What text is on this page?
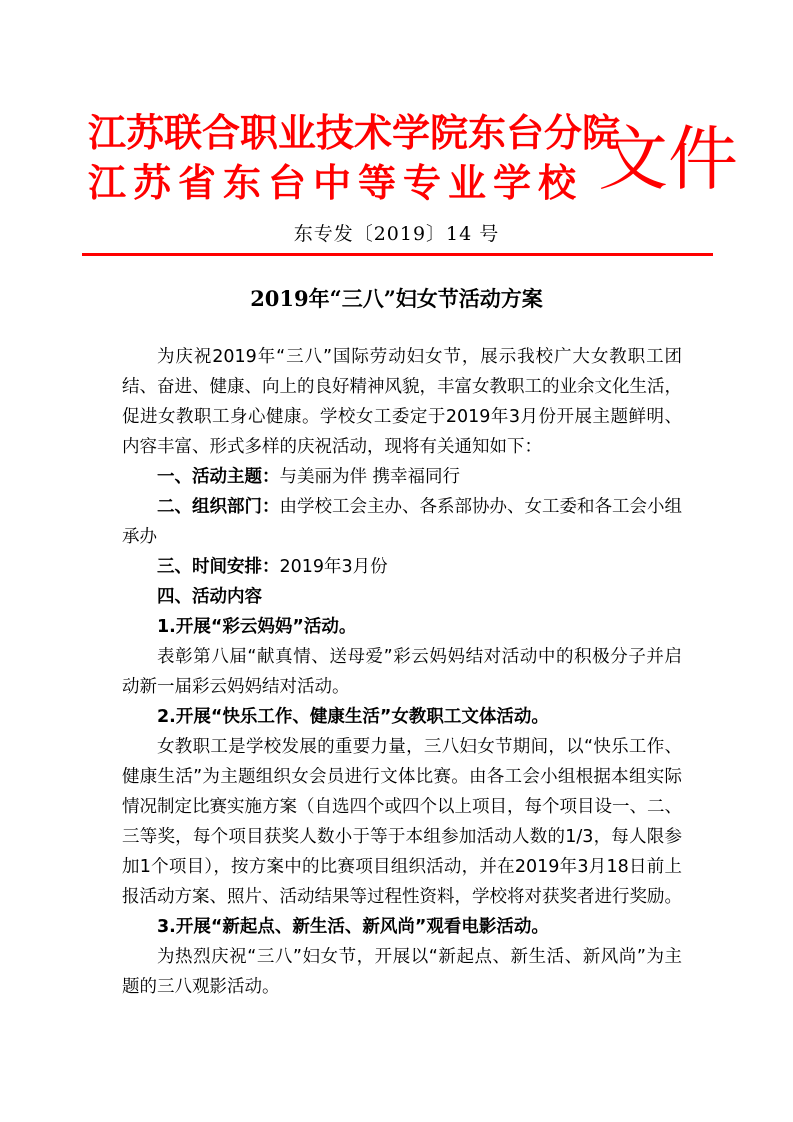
江苏联合职业技术学院东台分院
江苏省东台中等专业学校 文件
东专发〔2019〕14 号
2019年“三八”妇女节活动方案

为庆祝2019年“三八”国际劳动妇女节，展示我校广大女教职工团结、奋进、健康、向上的良好精神风貌，丰富女教职工的业余文化生活，促进女教职工身心健康。学校女工委定于2019年3月份开展主题鲜明、内容丰富、形式多样的庆祝活动，现将有关通知如下：

一、活动主题：与美丽为伴 携幸福同行

二、组织部门：由学校工会主办、各系部协办、女工委和各工会小组承办

三、时间安排：2019年3月份

四、活动内容

1.开展“彩云妈妈”活动。

表彰第八届“献真情、送母爱”彩云妈妈结对活动中的积极分子并启动新一届彩云妈妈结对活动。

2.开展“快乐工作、健康生活”女教职工文体活动。

女教职工是学校发展的重要力量，三八妇女节期间，以“快乐工作、健康生活”为主题组织女会员进行文体比赛。由各工会小组根据本组实际情况制定比赛实施方案（自选四个或四个以上项目，每个项目设一、二、三等奖，每个项目获奖人数小于等于本组参加活动人数的1/3，每人限参加1个项目），按方案中的比赛项目组织活动，并在2019年3月18日前上报活动方案、照片、活动结果等过程性资料，学校将对获奖者进行奖励。

3.开展“新起点、新生活、新风尚”观看电影活动。

为热烈庆祝“三八”妇女节，开展以“新起点、新生活、新风尚”为主题的三八观影活动。
